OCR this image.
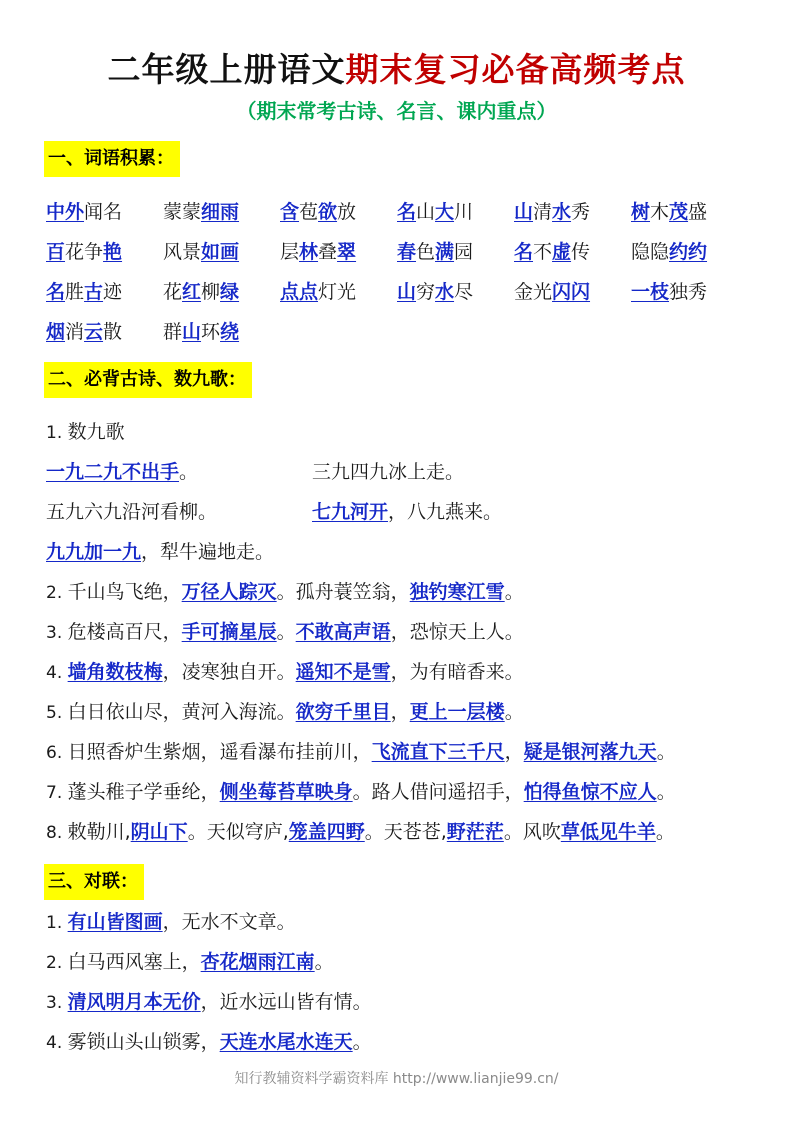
二年级上册语文期末复习必备高频考点
（期末常考古诗、名言、课内重点）
一、词语积累：
中外闻名 蒙蒙细雨 含苞欲放 名山大川 山清水秀 树木茂盛
百花争艳 风景如画 层林叠翠 春色满园 名不虚传 隐隐约约
名胜古迹 花红柳绿 点点灯光 山穷水尽 金光闪闪 一枝独秀
烟消云散 群山环绕
二、必背古诗、数九歌：
1. 数九歌
一九二九不出手。	三九四九冰上走。
五九六九沿河看柳。	七九河开，八九燕来。
九九加一九，犁牛遍地走。
2. 千山鸟飞绝，万径人踪灭。孤舟蓑笠翁，独钓寒江雪。
3. 危楼高百尺，手可摘星辰。不敢高声语，恐惊天上人。
4. 墙角数枝梅，凌寒独自开。遥知不是雪，为有暗香来。
5. 白日依山尽，黄河入海流。欲穷千里目，更上一层楼。
6. 日照香炉生紫烟，遥看瀑布挂前川，飞流直下三千尺，疑是银河落九天。
7. 蓬头稚子学垂纶，侧坐莓苔草映身。路人借问遥招手，怕得鱼惊不应人。
8. 敕勒川,阴山下。天似穹庐,笼盖四野。天苍苍,野茫茫。风吹草低见牛羊。
三、对联：
1. 有山皆图画，无水不文章。
2. 白马西风塞上，杏花烟雨江南。
3. 清风明月本无价，近水远山皆有情。
4. 雾锁山头山锁雾，天连水尾水连天。
知行教辅资料学霸资料库 http://www.lianjie99.cn/
